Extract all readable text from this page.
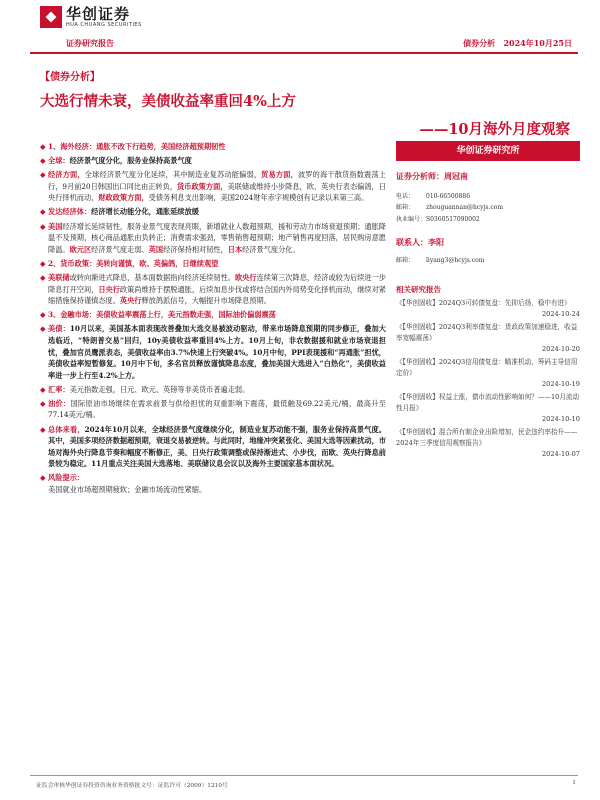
华创证券
HUA CHUANG SECURITIES
证券研究报告	债券分析 2024年10月25日
【债券分析】
大选行情未衰，美债收益率重回4%上方
——10月海外月度观察
◆ 1、海外经济：通胀不改下行趋势，美国经济超预期韧性
◆ 全球：经济景气度分化，服务业保持高景气度
◆ 经济方面，全球经济景气度分化延续，其中制造业复苏动能偏弱，贸易方面，波罗的海干散货指数震荡上行，9月前20日韩国出口同比由正转负，货币政策方面，美联储或维持小步降息，欧、英央行表态偏鸽，日央行择机而动，财政政策方面，受债务利息支出影响，美国2024财年赤字规模创有记录以来第三高。
◆ 发达经济体：经济增长动能分化，通胀延续放缓
◆ 美国经济增长延续韧性，服务业景气度表现亮眼，新增就业人数超预期，援和劳动力市场衰退预期；通胀降温不及预期，核心商品通胀由负转正；消费需求强劲，零售销售超预期；地产销售再度回落，居民购房意愿降温。欧元区经济景气度走弱、英国经济保持相对韧性，日本经济景气度分化。
◆ 2、货币政策：美转向谨慎，欧、英偏鸽，日继续观望
◆ 美联储或转向渐进式降息，基本面数据指向经济延续韧性。欧央行连续第三次降息，经济或较为后续进一步降息打开空间，日央行政策尚维持于摆脱通胀，后续加息步伐或将结合国内外局势变化择机而动，继续对紧缩措施保持谨慎态度。英央行释放鸽派信号，大幅提升市场降息预期。
◆ 3、金融市场：美债收益率震荡上行，美元指数走强，国际油价偏弱震荡
◆ 美债：10月以来，美国基本面表现改善叠加大选交易被波动驱动，带来市场降息预期的同步修正，叠加大选临近，“特朗普交易”回归，10y美债收益率重回4%上方。10月上旬，非农数据援和就业市场衰退担忧，叠加官员鹰派表态，美债收益率由3.7%快速上行突破4%。10月中旬，PPI表现援和“再通胀”担忧，美债收益率短暂修复。10月中下旬，多名官员释放谨慎降息态度，叠加美国大选进入“白热化”，美债收益率进一步上行至4.2%上方。
◆ 汇率：美元指数走强，日元、欧元、英镑等非美货币普遍走弱。
◆ 油价：国际原油市场继续在需求前景与供给担忧的双重影响下震荡，最低触及69.22美元/桶，最高升至77.14美元/桶。
◆ 总体来看，2024年10月以来，全球经济景气度继续分化，制造业复苏动能不强，服务业保持高景气度。其中，美国多项经济数据超预期，衰退交易被逆转。与此同时，地缘冲突紧张化、美国大选等因素扰动，市场对海外央行降息节奏和幅度不断修正，美、日央行政策调整或保持渐进式、小步伐，而欧、英央行降息前景较为稳定。11月重点关注美国大选落地、美联储议息会议以及海外主要国家基本面状况。
◆ 风险提示：
美国就业市场超预期疲软；金融市场流动性紧缩。
华创证券研究所
证券分析师：周冠南
电话： 010-66500886
邮箱： zhouguannan@hcyjs.com
执业编号：S0360517090002
联系人：李阳
邮箱： liyang3@hcyjs.com
相关研究报告
《【华创固收】2024Q3可转债复盘：先抑后扬，稳中有进》
2024-10-24
《【华创固收】2024Q3利率债复盘：货政政策加速稳进，收益率宽幅震荡》
2024-10-20
《【华创固收】2024Q3信用债复盘：瞄准机动，筹码主导信用定价》
2024-10-19
《【华创固收】权益上涨，债市流动性影响如何？——10月流动性月报》
2024-10-10
《【华创固收】混合所有制企业出险增加，民企违约率抬升——2024年三季度信用观察报告》
2024-10-07
证监会审核华创证券投资咨询业务资格批文号：证监许可（2009）1210号	1
